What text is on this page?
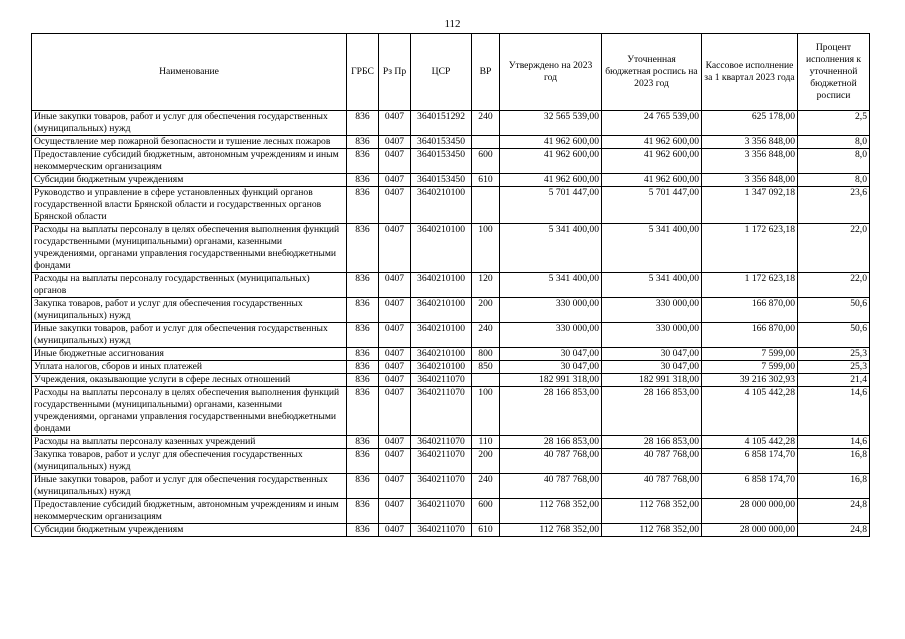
112
Наименование	ГРБС	Рз Пр	ЦСР	ВР	Утверждено на 2023 год	Уточненная бюджетная роспись на 2023 год	Кассовое исполнение за 1 квартал 2023 года	Процент исполнения к уточненной бюджетной росписи
Иные закупки товаров, работ и услуг для обеспечения государственных (муниципальных) нужд	836	0407	3640151292	240	32 565 539,00	24 765 539,00	625 178,00	2,5
Осуществление мер пожарной безопасности и тушение лесных пожаров	836	0407	3640153450		41 962 600,00	41 962 600,00	3 356 848,00	8,0
Предоставление субсидий бюджетным, автономным учреждениям и иным некоммерческим организациям	836	0407	3640153450	600	41 962 600,00	41 962 600,00	3 356 848,00	8,0
Субсидии бюджетным учреждениям	836	0407	3640153450	610	41 962 600,00	41 962 600,00	3 356 848,00	8,0
Руководство и управление в сфере установленных функций органов государственной власти Брянской области и государственных органов Брянской области	836	0407	3640210100		5 701 447,00	5 701 447,00	1 347 092,18	23,6
Расходы на выплаты персоналу в целях обеспечения выполнения функций государственными (муниципальными) органами, казенными учреждениями, органами управления государственными внебюджетными фондами	836	0407	3640210100	100	5 341 400,00	5 341 400,00	1 172 623,18	22,0
Расходы на выплаты персоналу государственных (муниципальных) органов	836	0407	3640210100	120	5 341 400,00	5 341 400,00	1 172 623,18	22,0
Закупка товаров, работ и услуг для обеспечения государственных (муниципальных) нужд	836	0407	3640210100	200	330 000,00	330 000,00	166 870,00	50,6
Иные закупки товаров, работ и услуг для обеспечения государственных (муниципальных) нужд	836	0407	3640210100	240	330 000,00	330 000,00	166 870,00	50,6
Иные бюджетные ассигнования	836	0407	3640210100	800	30 047,00	30 047,00	7 599,00	25,3
Уплата налогов, сборов и иных платежей	836	0407	3640210100	850	30 047,00	30 047,00	7 599,00	25,3
Учреждения, оказывающие услуги в сфере лесных отношений	836	0407	3640211070		182 991 318,00	182 991 318,00	39 216 302,93	21,4
Расходы на выплаты персоналу в целях обеспечения выполнения функций государственными (муниципальными) органами, казенными учреждениями, органами управления государственными внебюджетными фондами	836	0407	3640211070	100	28 166 853,00	28 166 853,00	4 105 442,28	14,6
Расходы на выплаты персоналу казенных учреждений	836	0407	3640211070	110	28 166 853,00	28 166 853,00	4 105 442,28	14,6
Закупка товаров, работ и услуг для обеспечения государственных (муниципальных) нужд	836	0407	3640211070	200	40 787 768,00	40 787 768,00	6 858 174,70	16,8
Иные закупки товаров, работ и услуг для обеспечения государственных (муниципальных) нужд	836	0407	3640211070	240	40 787 768,00	40 787 768,00	6 858 174,70	16,8
Предоставление субсидий бюджетным, автономным учреждениям и иным некоммерческим организациям	836	0407	3640211070	600	112 768 352,00	112 768 352,00	28 000 000,00	24,8
Субсидии бюджетным учреждениям	836	0407	3640211070	610	112 768 352,00	112 768 352,00	28 000 000,00	24,8
